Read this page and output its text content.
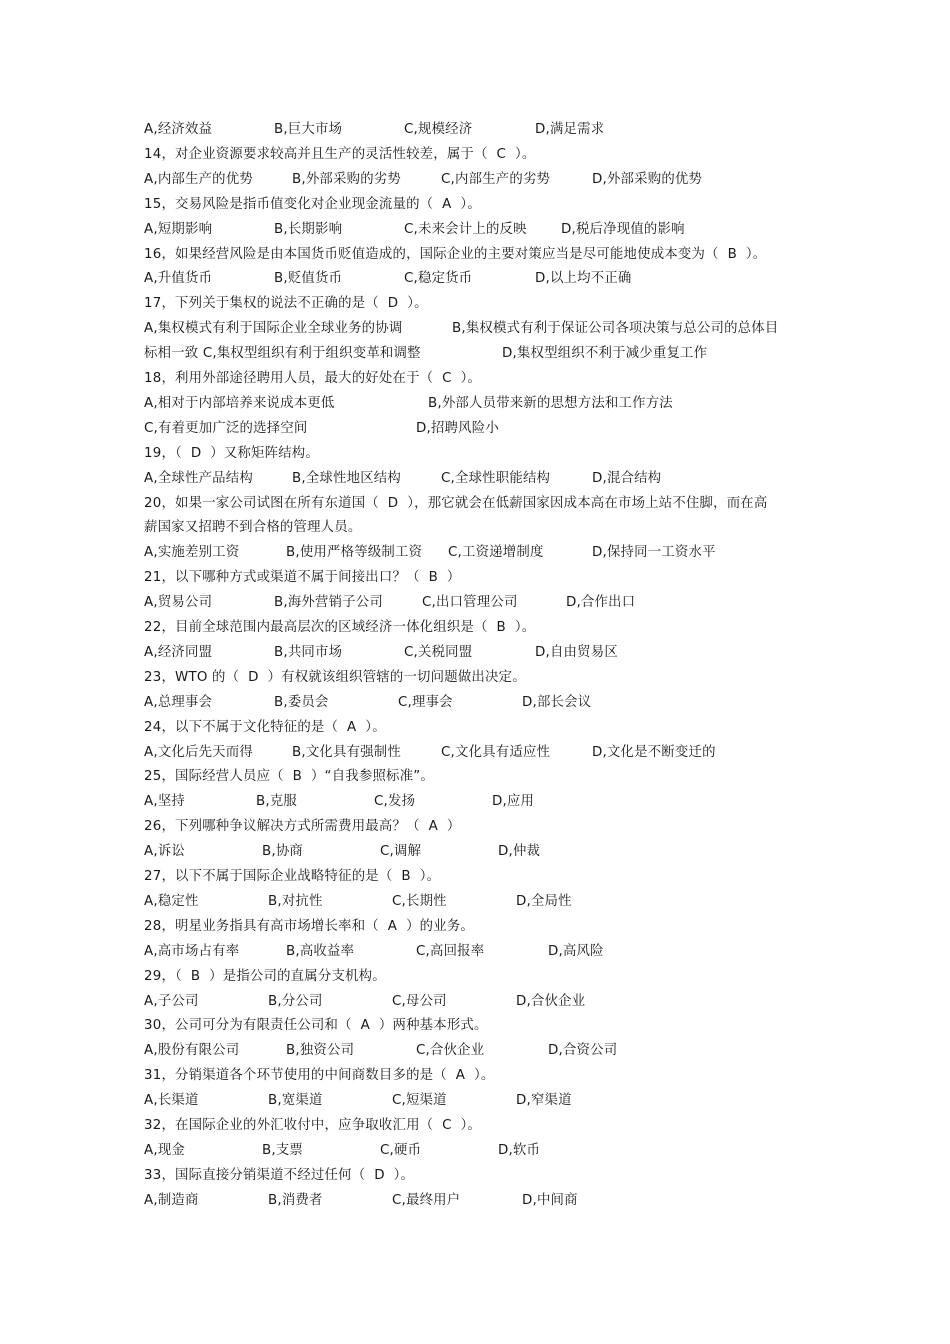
A,经济效益	B,巨大市场	C,规模经济	D,满足需求
14，对企业资源要求较高并且生产的灵活性较差，属于（  C  ）。
A,内部生产的优势	B,外部采购的劣势	C,内部生产的劣势	D,外部采购的优势
15，交易风险是指币值变化对企业现金流量的（  A  ）。
A,短期影响	B,长期影响	C,未来会计上的反映	D,税后净现值的影响
16，如果经营风险是由本国货币贬值造成的，国际企业的主要对策应当是尽可能地使成本变为（  B  ）。
A,升值货币	B,贬值货币	C,稳定货币	D,以上均不正确
17，下列关于集权的说法不正确的是（  D  ）。
A,集权模式有利于国际企业全球业务的协调	B,集权模式有利于保证公司各项决策与总公司的总体目
标相一致 C,集权型组织有利于组织变革和调整	D,集权型组织不利于减少重复工作
18，利用外部途径聘用人员，最大的好处在于（  C  ）。
A,相对于内部培养来说成本更低	B,外部人员带来新的思想方法和工作方法
C,有着更加广泛的选择空间	D,招聘风险小
19，（  D  ）又称矩阵结构。
A,全球性产品结构	B,全球性地区结构	C,全球性职能结构	D,混合结构
20，如果一家公司试图在所有东道国（  D  ），那它就会在低薪国家因成本高在市场上站不住脚，而在高
薪国家又招聘不到合格的管理人员。
A,实施差别工资	B,使用严格等级制工资 C,工资递增制度	D,保持同一工资水平
21，以下哪种方式或渠道不属于间接出口？（  B  ）
A,贸易公司	B,海外营销子公司	C,出口管理公司	D,合作出口
22，目前全球范围内最高层次的区域经济一体化组织是（  B  ）。
A,经济同盟	B,共同市场	C,关税同盟	D,自由贸易区
23，WTO 的（  D  ）有权就该组织管辖的一切问题做出决定。
A,总理事会	B,委员会	C,理事会	D,部长会议
24，以下不属于文化特征的是（  A  ）。
A,文化后先天而得	B,文化具有强制性	C,文化具有适应性	D,文化是不断变迁的
25，国际经营人员应（  B  ）“自我参照标准”。
A,坚持	B,克服	C,发扬	D,应用
26，下列哪种争议解决方式所需费用最高？（  A  ）
A,诉讼	B,协商	C,调解	D,仲裁
27，以下不属于国际企业战略特征的是（  B  ）。
A,稳定性	B,对抗性	C,长期性	D,全局性
28，明星业务指具有高市场增长率和（  A  ）的业务。
A,高市场占有率	B,高收益率	C,高回报率	D,高风险
29，（  B  ）是指公司的直属分支机构。
A,子公司	B,分公司	C,母公司	D,合伙企业
30，公司可分为有限责任公司和（  A  ）两种基本形式。
A,股份有限公司	B,独资公司	C,合伙企业	D,合资公司
31，分销渠道各个环节使用的中间商数目多的是（  A  ）。
A,长渠道	B,宽渠道	C,短渠道	D,窄渠道
32，在国际企业的外汇收付中，应争取收汇用（  C  ）。
A,现金	B,支票	C,硬币	D,软币
33，国际直接分销渠道不经过任何（  D  ）。
A,制造商	B,消费者	C,最终用户	D,中间商
